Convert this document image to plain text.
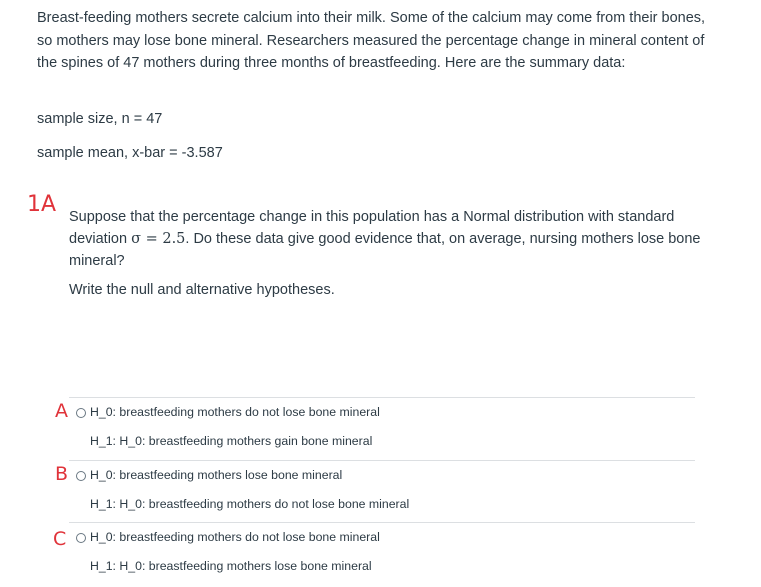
Breast-feeding mothers secrete calcium into their milk. Some of the calcium may come from their bones, so mothers may lose bone mineral. Researchers measured the percentage change in mineral content of the spines of 47 mothers during three months of breastfeeding. Here are the summary data:
sample size, n = 47
sample mean, x-bar = -3.587
1A Suppose that the percentage change in this population has a Normal distribution with standard deviation σ = 2.5. Do these data give good evidence that, on average, nursing mothers lose bone mineral?
Write the null and alternative hypotheses.
A H_0: breastfeeding mothers do not lose bone mineral
H_1: H_0: breastfeeding mothers gain bone mineral
B H_0: breastfeeding mothers lose bone mineral
H_1: H_0: breastfeeding mothers do not lose bone mineral
C H_0: breastfeeding mothers do not lose bone mineral
H_1: H_0: breastfeeding mothers lose bone mineral
